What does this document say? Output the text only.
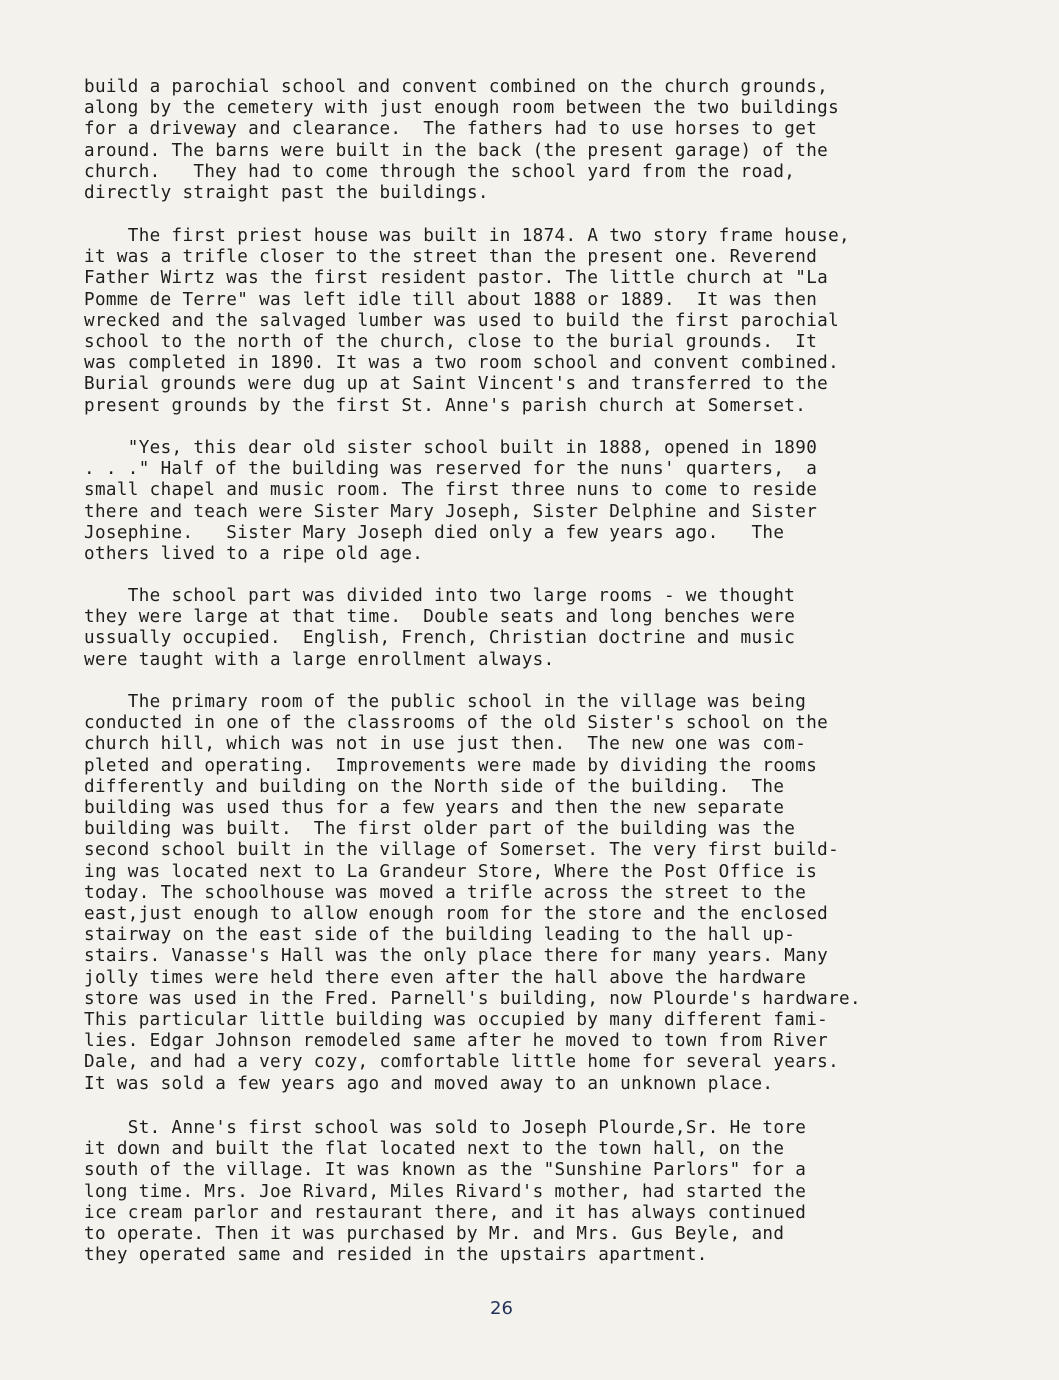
build a parochial school and convent combined on the church grounds,
along by the cemetery with just enough room between the two buildings
for a driveway and clearance.  The fathers had to use horses to get
around. The barns were built in the back (the present garage) of the
church.   They had to come through the school yard from the road,
directly straight past the buildings.

The first priest house was built in 1874. A two story frame house,
it was a trifle closer to the street than the present one. Reverend
Father Wirtz was the first resident pastor. The little church at "La
Pomme de Terre" was left idle till about 1888 or 1889.  It was then
wrecked and the salvaged lumber was used to build the first parochial
school to the north of the church, close to the burial grounds.  It
was completed in 1890. It was a two room school and convent combined.
Burial grounds were dug up at Saint Vincent's and transferred to the
present grounds by the first St. Anne's parish church at Somerset.

"Yes, this dear old sister school built in 1888, opened in 1890
. . ." Half of the building was reserved for the nuns' quarters,  a
small chapel and music room. The first three nuns to come to reside
there and teach were Sister Mary Joseph, Sister Delphine and Sister
Josephine.   Sister Mary Joseph died only a few years ago.   The
others lived to a ripe old age.

The school part was divided into two large rooms - we thought
they were large at that time.  Double seats and long benches were
ussually occupied.  English, French, Christian doctrine and music
were taught with a large enrollment always.

The primary room of the public school in the village was being
conducted in one of the classrooms of the old Sister's school on the
church hill, which was not in use just then.  The new one was com-
pleted and operating.  Improvements were made by dividing the rooms
differently and building on the North side of the building.  The
building was used thus for a few years and then the new separate
building was built.  The first older part of the building was the
second school built in the village of Somerset. The very first build-
ing was located next to La Grandeur Store, Where the Post Office is
today. The schoolhouse was moved a trifle across the street to the
east,just enough to allow enough room for the store and the enclosed
stairway on the east side of the building leading to the hall up-
stairs. Vanasse's Hall was the only place there for many years. Many
jolly times were held there even after the hall above the hardware
store was used in the Fred. Parnell's building, now Plourde's hardware.
This particular little building was occupied by many different fami-
lies. Edgar Johnson remodeled same after he moved to town from River
Dale, and had a very cozy, comfortable little home for several years.
It was sold a few years ago and moved away to an unknown place.

St. Anne's first school was sold to Joseph Plourde,Sr. He tore
it down and built the flat located next to the town hall, on the
south of the village. It was known as the "Sunshine Parlors" for a
long time. Mrs. Joe Rivard, Miles Rivard's mother, had started the
ice cream parlor and restaurant there, and it has always continued
to operate. Then it was purchased by Mr. and Mrs. Gus Beyle, and
they operated same and resided in the upstairs apartment.

26
